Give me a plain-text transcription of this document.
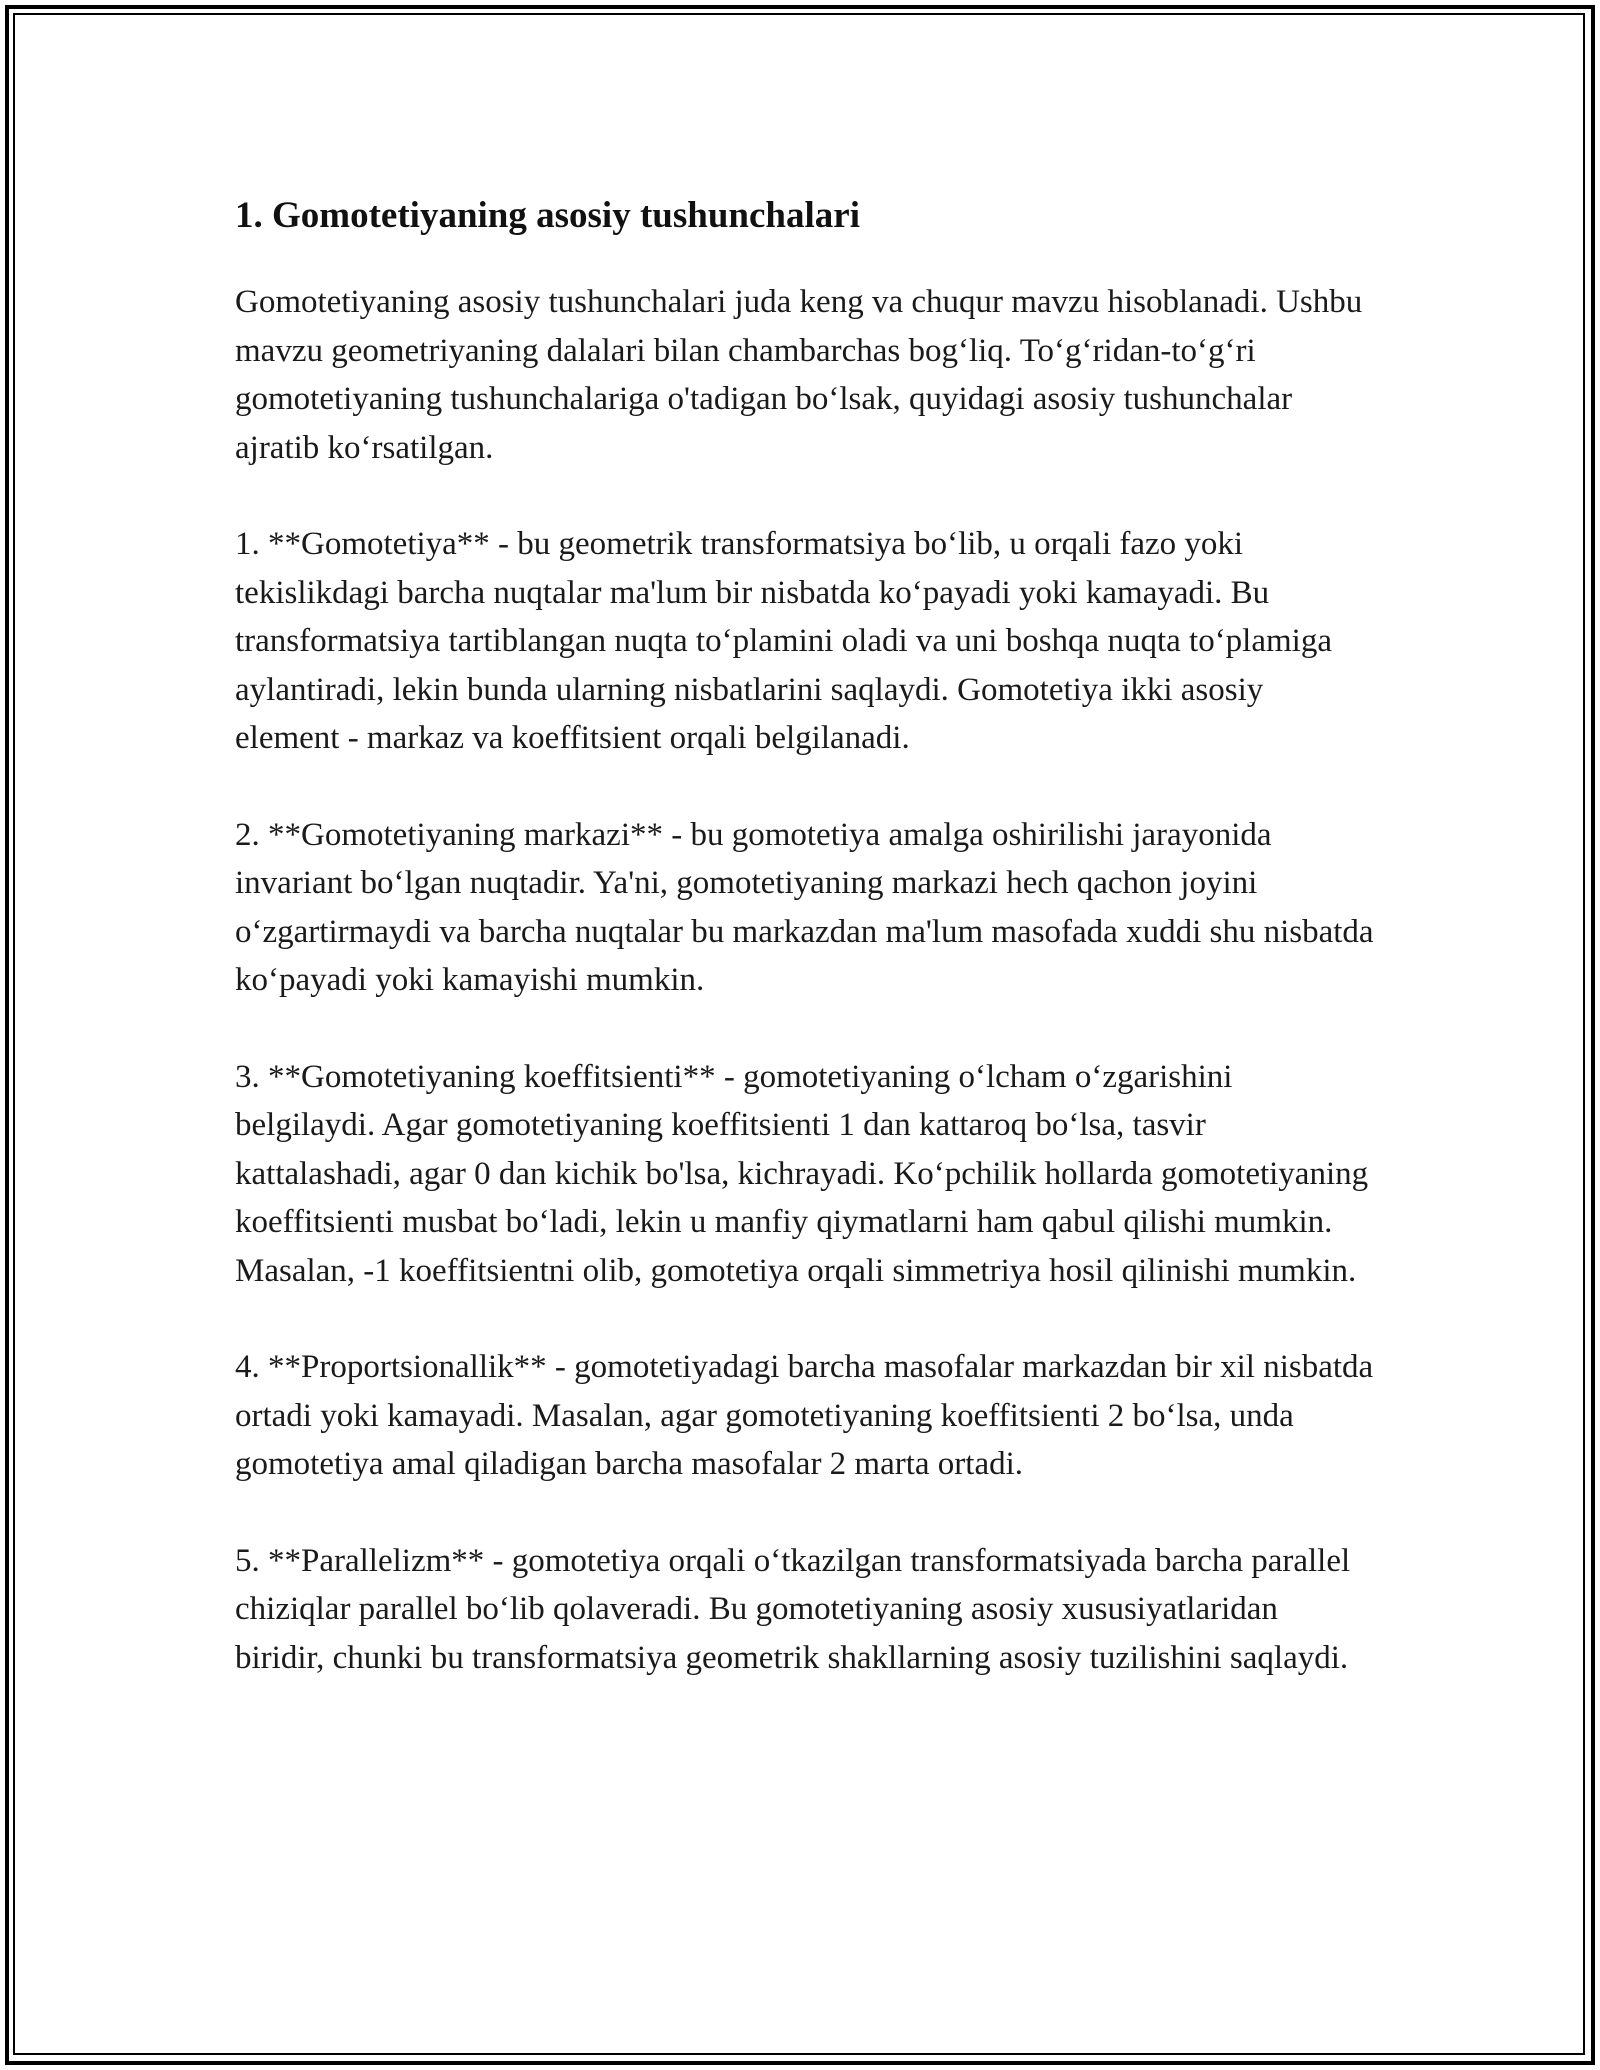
1. Gomotetiyaning asosiy tushunchalari

Gomotetiyaning asosiy tushunchalari juda keng va chuqur mavzu hisoblanadi. Ushbu mavzu geometriyaning dalalari bilan chambarchas bog‘liq. To‘g‘ridan-to‘g‘ri gomotetiyaning tushunchalariga o'tadigan bo‘lsak, quyidagi asosiy tushunchalar ajratib ko‘rsatilgan.

1. **Gomotetiya** - bu geometrik transformatsiya bo‘lib, u orqali fazo yoki tekislikdagi barcha nuqtalar ma'lum bir nisbatda ko‘payadi yoki kamayadi. Bu transformatsiya tartiblangan nuqta to‘plamini oladi va uni boshqa nuqta to‘plamiga aylantiradi, lekin bunda ularning nisbatlarini saqlaydi. Gomotetiya ikki asosiy element - markaz va koeffitsient orqali belgilanadi.

2. **Gomotetiyaning markazi** - bu gomotetiya amalga oshirilishi jarayonida invariant bo‘lgan nuqtadir. Ya'ni, gomotetiyaning markazi hech qachon joyini o‘zgartirmaydi va barcha nuqtalar bu markazdan ma'lum masofada xuddi shu nisbatda ko‘payadi yoki kamayishi mumkin.

3. **Gomotetiyaning koeffitsienti** - gomotetiyaning o‘lcham o‘zgarishini belgilaydi. Agar gomotetiyaning koeffitsienti 1 dan kattaroq bo‘lsa, tasvir kattalashadi, agar 0 dan kichik bo'lsa, kichrayadi. Ko‘pchilik hollarda gomotetiyaning koeffitsienti musbat bo‘ladi, lekin u manfiy qiymatlarni ham qabul qilishi mumkin. Masalan, -1 koeffitsientni olib, gomotetiya orqali simmetriya hosil qilinishi mumkin.

4. **Proportsionallik** - gomotetiyadagi barcha masofalar markazdan bir xil nisbatda ortadi yoki kamayadi. Masalan, agar gomotetiyaning koeffitsienti 2 bo‘lsa, unda gomotetiya amal qiladigan barcha masofalar 2 marta ortadi.

5. **Parallelizm** - gomotetiya orqali o‘tkazilgan transformatsiyada barcha parallel chiziqlar parallel bo‘lib qolaveradi. Bu gomotetiyaning asosiy xususiyatlaridan biridir, chunki bu transformatsiya geometrik shakllarning asosiy tuzilishini saqlaydi.
